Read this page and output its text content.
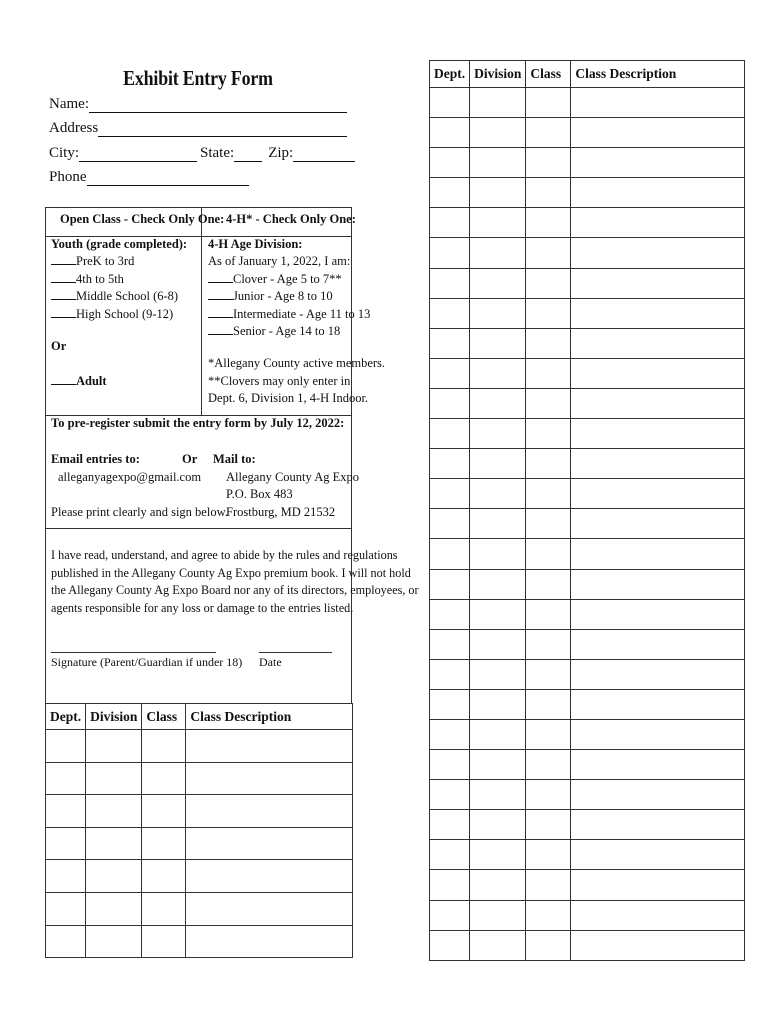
Exhibit Entry Form
Name:
Address
City:	State: Zip:
Phone
Open Class - Check Only One: 4-H* - Check Only One:
Youth (grade completed):
PreK to 3rd
4th to 5th
Middle School (6-8)
High School (9-12)
Or
Adult
4-H Age Division:
As of January 1, 2022, I am:
Clover - Age 5 to 7**
Junior - Age 8 to 10
Intermediate - Age 11 to 13
Senior - Age 14 to 18
*Allegany County active members.
**Clovers may only enter in
Dept. 6, Division 1, 4-H Indoor.
To pre-register submit the entry form by July 12, 2022:
Email entries to:	Or Mail to:
alleganyagexpo@gmail.com Allegany County Ag Expo
P.O. Box 483
Please print clearly and sign below.
Frostburg, MD 21532
I have read, understand, and agree to abide by the rules and regulations
published in the Allegany County Ag Expo premium book. I will not hold
the Allegany County Ag Expo Board nor any of its directors, employees, or
agents responsible for any loss or damage to the entries listed.
Signature (Parent/Guardian if under 18) Date
Dept.	Division	Class	Class Description

Dept.	Division	Class	Class Description
